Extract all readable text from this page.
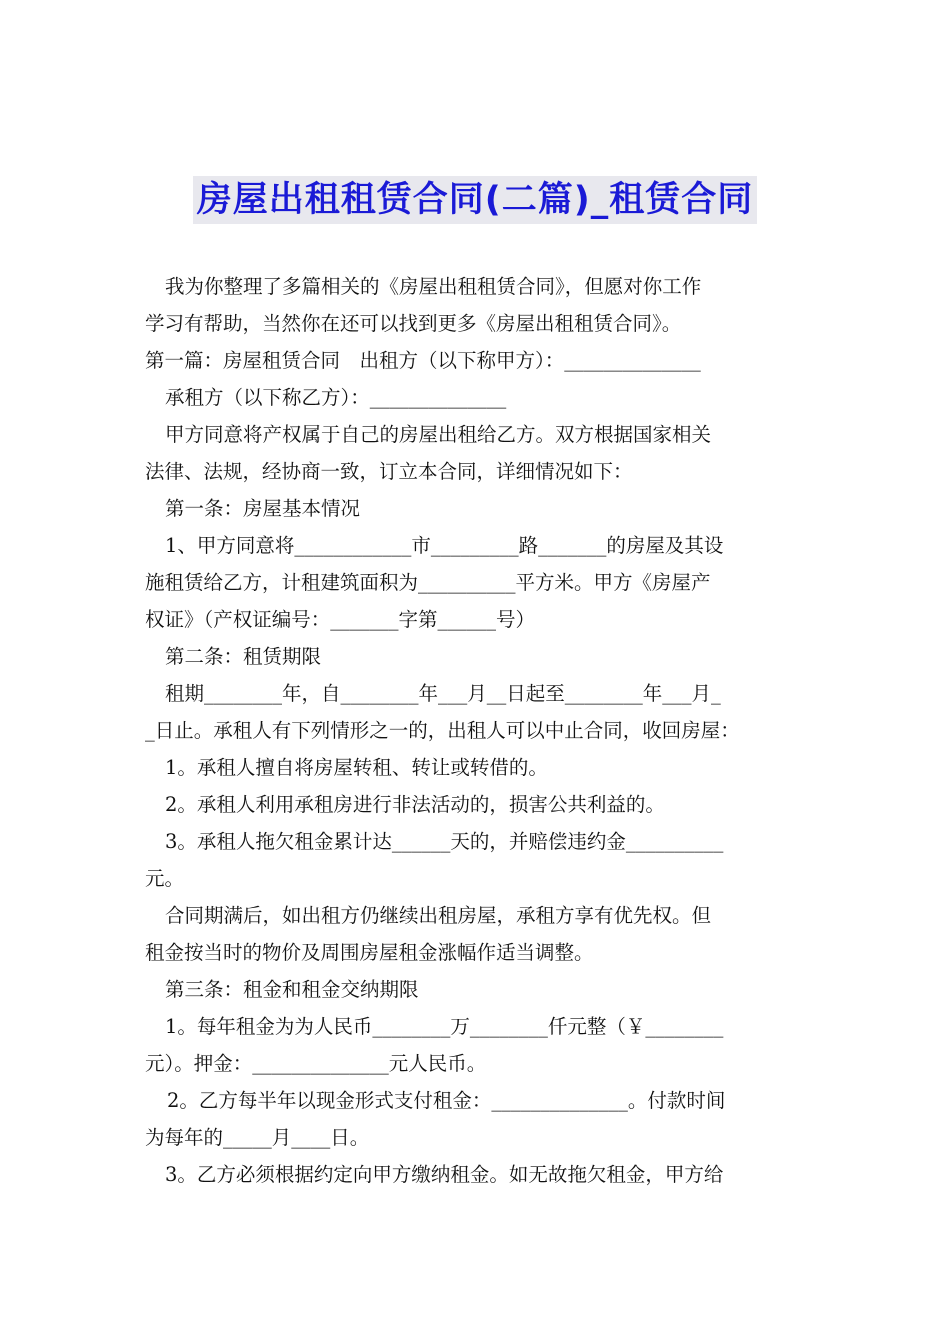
房屋出租租赁合同(二篇)_租赁合同
我为你整理了多篇相关的《房屋出租租赁合同》，但愿对你工作
学习有帮助，当然你在还可以找到更多《房屋出租租赁合同》。
第一篇：房屋租赁合同　出租方（以下称甲方）：______________
承租方（以下称乙方）：______________
甲方同意将产权属于自己的房屋出租给乙方。双方根据国家相关
法律、法规，经协商一致，订立本合同，详细情况如下：
第一条：房屋基本情况
1、甲方同意将____________市_________路_______的房屋及其设
施租赁给乙方，计租建筑面积为__________平方米。甲方《房屋产
权证》（产权证编号：_______字第______号）
第二条：租赁期限
租期________年，自________年___月__日起至________年___月_
_日止。承租人有下列情形之一的，出租人可以中止合同，收回房屋：
1。承租人擅自将房屋转租、转让或转借的。
2。承租人利用承租房进行非法活动的，损害公共利益的。
3。承租人拖欠租金累计达______天的，并赔偿违约金__________
元。
合同期满后，如出租方仍继续出租房屋，承租方享有优先权。但
租金按当时的物价及周围房屋租金涨幅作适当调整。
第三条：租金和租金交纳期限
1。每年租金为为人民币________万________仟元整（￥________
元）。押金：______________元人民币。
2。乙方每半年以现金形式支付租金：______________。付款时间
为每年的_____月____日。
3。乙方必须根据约定向甲方缴纳租金。如无故拖欠租金，甲方给
